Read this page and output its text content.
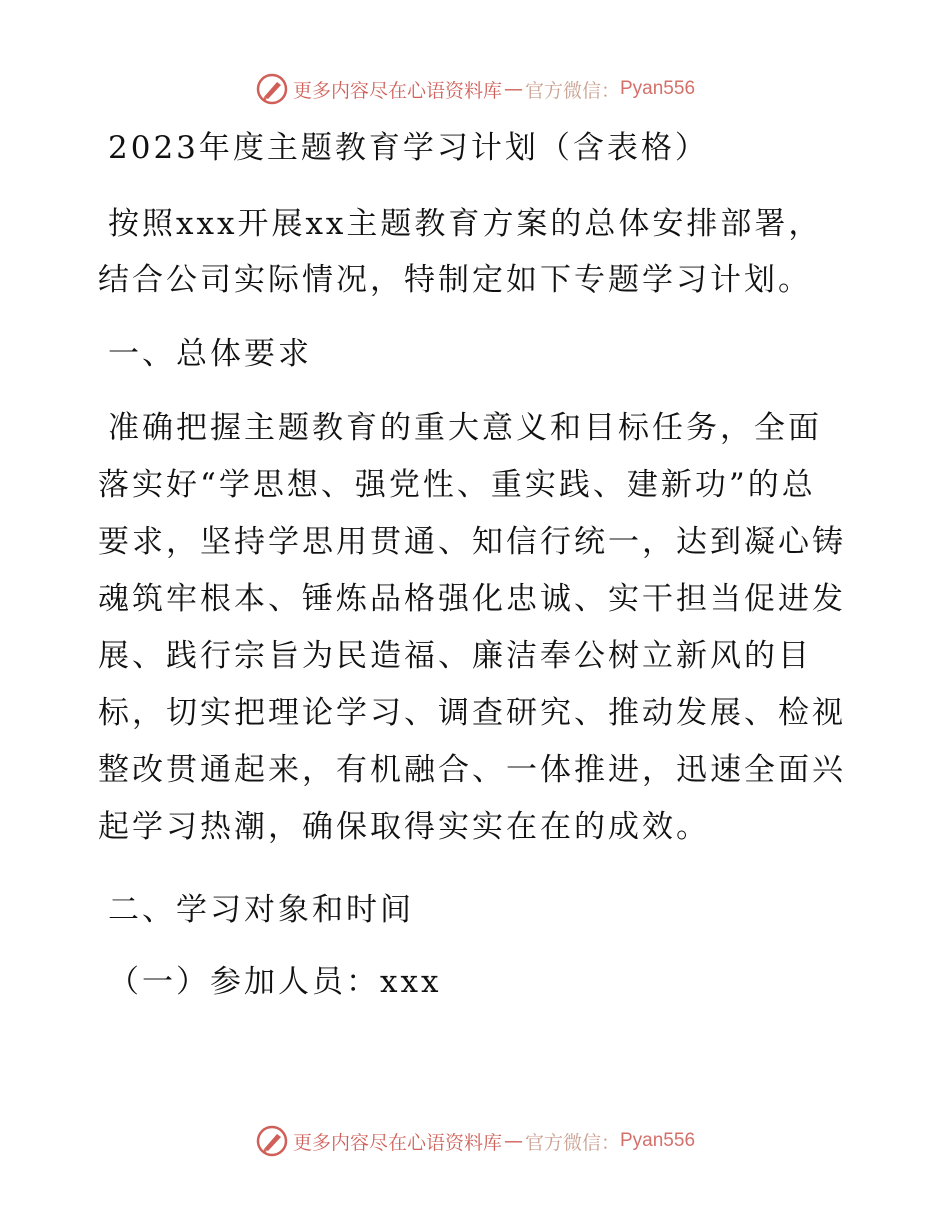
更多内容尽在心语资料库 — 官方微信： Pyan556
2023年度主题教育学习计划（含表格）
按照xxx开展xx主题教育方案的总体安排部署，
结合公司实际情况，特制定如下专题学习计划。
一、总体要求
准确把握主题教育的重大意义和目标任务，全面
落实好“学思想、强党性、重实践、建新功”的总
要求，坚持学思用贯通、知信行统一，达到凝心铸
魂筑牢根本、锤炼品格强化忠诚、实干担当促进发
展、践行宗旨为民造福、廉洁奉公树立新风的目
标，切实把理论学习、调查研究、推动发展、检视
整改贯通起来，有机融合、一体推进，迅速全面兴
起学习热潮，确保取得实实在在的成效。
二、学习对象和时间
（一）参加人员：xxx
更多内容尽在心语资料库 — 官方微信： Pyan556
